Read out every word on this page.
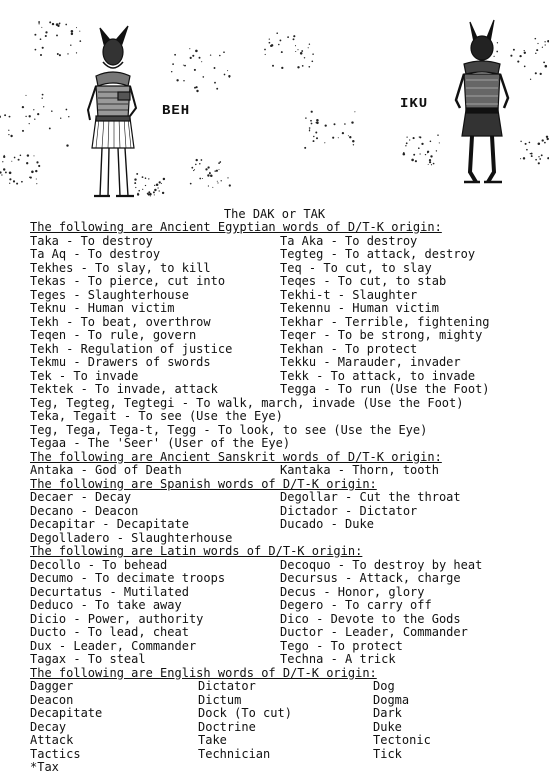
BEH	IKU
The DAK or TAK
The following are Ancient Egyptian words of D/T-K origin:
Taka - To destroy	Ta Aka - To destroy
Ta Aq - To destroy	Tegteg - To attack, destroy
Tekhes - To slay, to kill	Teq - To cut, to slay
Tekas - To pierce, cut into	Teqes - To cut, to stab
Teges - Slaughterhouse	Tekhi-t - Slaughter
Teknu - Human victim	Tekennu - Human victim
Tekh - To beat, overthrow	Tekhar - Terrible, fightening
Teqen - To rule, govern	Teqer - To be strong, mighty
Tekh - Regulation of justice	Tekhan - To protect
Tekmu - Drawers of swords	Tekku - Marauder, invader
Tek - To invade	Tekk - To attack, to invade
Tektek - To invade, attack	Tegga - To run (Use the Foot)
Teg, Tegteg, Tegtegi - To walk, march, invade (Use the Foot)
Teka, Tegait - To see (Use the Eye)
Teg, Tega, Tega-t, Tegg - To look, to see (Use the Eye)
Tegaa - The 'Seer' (User of the Eye)
The following are Ancient Sanskrit words of D/T-K origin:
Antaka - God of Death	Kantaka - Thorn, tooth
The following are Spanish words of D/T-K origin:
Decaer - Decay	Degollar - Cut the throat
Decano - Deacon	Dictador - Dictator
Decapitar - Decapitate	Ducado - Duke
Degolladero - Slaughterhouse
The following are Latin words of D/T-K origin:
Decollo - To behead	Decoquo - To destroy by heat
Decumo - To decimate troops	Decursus - Attack, charge
Decurtatus - Mutilated	Decus - Honor, glory
Deduco - To take away	Degero - To carry off
Dicio - Power, authority	Dico - Devote to the Gods
Ducto - To lead, cheat	Ductor - Leader, Commander
Dux - Leader, Commander	Tego - To protect
Tagax - To steal	Techna - A trick
The following are English words of D/T-K origin:
Dagger	Dictator	Dog
Deacon	Dictum	Dogma
Decapitate	Dock (To cut)	Dark
Decay	Doctrine	Duke
Attack	Take	Tectonic
Tactics	Technician	Tick
*Tax
